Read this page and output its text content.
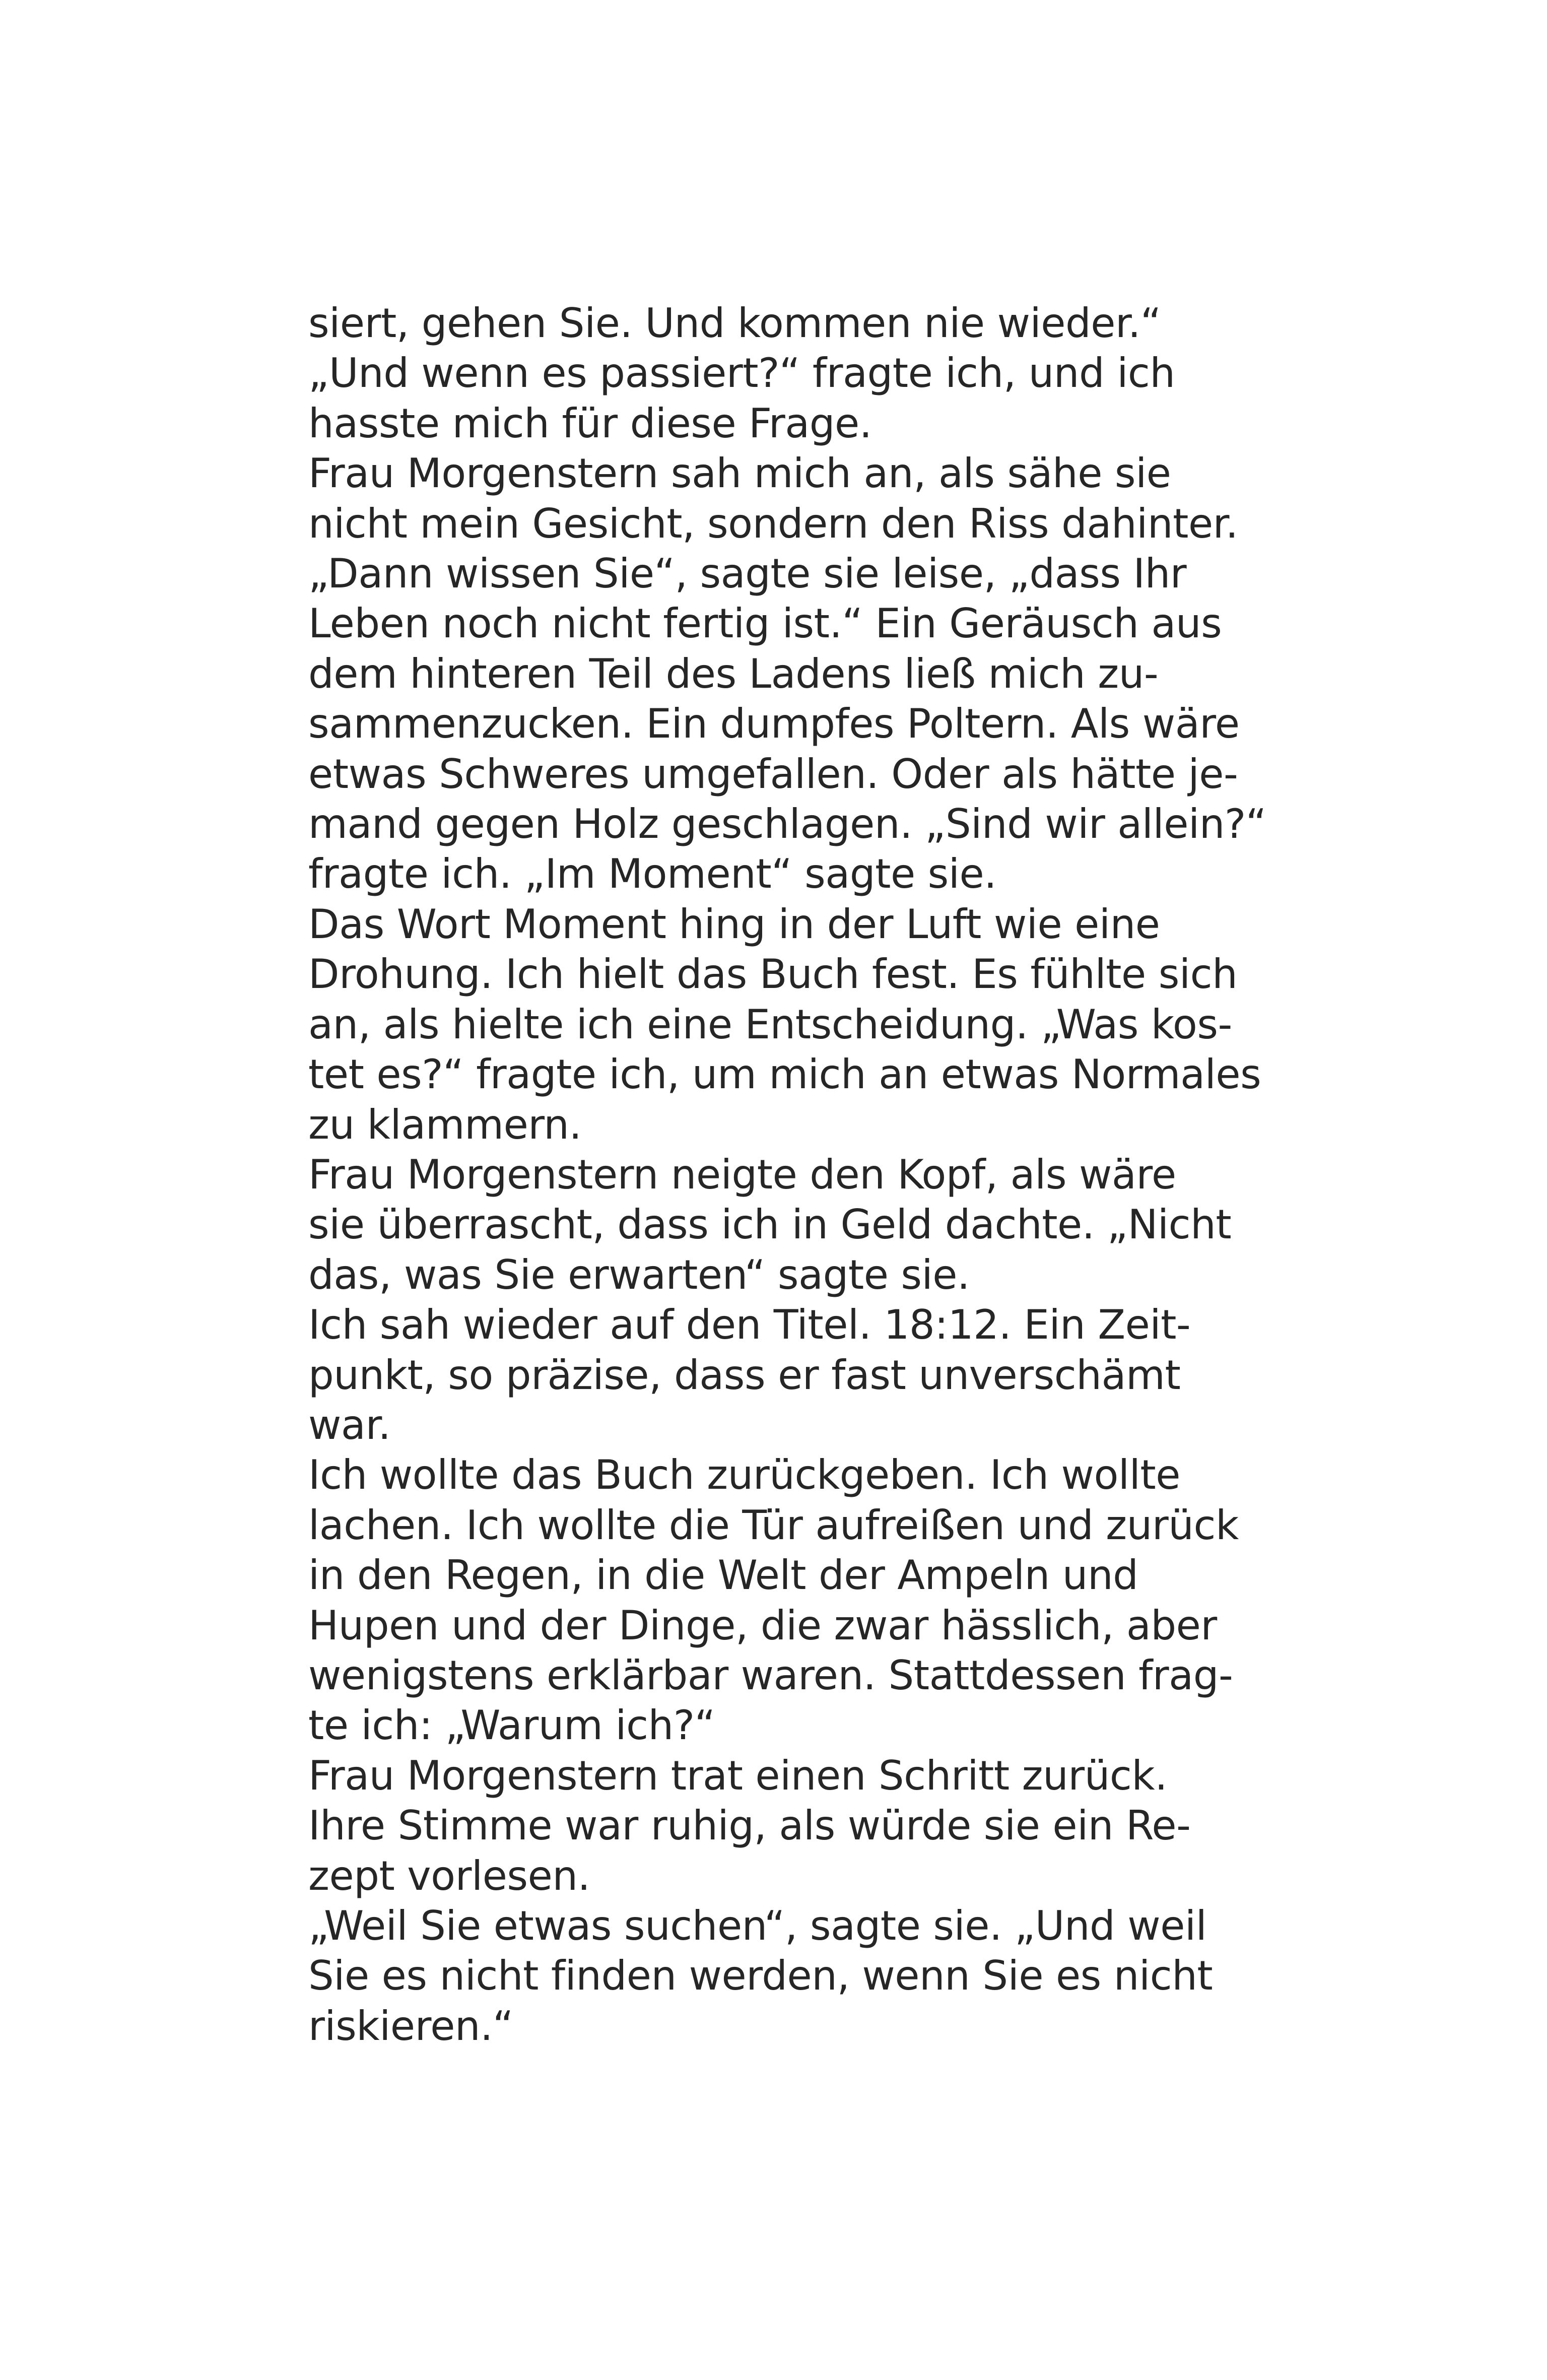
siert, gehen Sie. Und kommen nie wieder.“
„Und wenn es passiert?“ fragte ich, und ich
hasste mich für diese Frage.
Frau Morgenstern sah mich an, als sähe sie
nicht mein Gesicht, sondern den Riss dahinter.
„Dann wissen Sie“, sagte sie leise, „dass Ihr
Leben noch nicht fertig ist.“ Ein Geräusch aus
dem hinteren Teil des Ladens ließ mich zu-
sammenzucken. Ein dumpfes Poltern. Als wäre
etwas Schweres umgefallen. Oder als hätte je-
mand gegen Holz geschlagen. „Sind wir allein?“
fragte ich. „Im Moment“ sagte sie.
Das Wort Moment hing in der Luft wie eine
Drohung. Ich hielt das Buch fest. Es fühlte sich
an, als hielte ich eine Entscheidung. „Was kos-
tet es?“ fragte ich, um mich an etwas Normales
zu klammern.
Frau Morgenstern neigte den Kopf, als wäre
sie überrascht, dass ich in Geld dachte. „Nicht
das, was Sie erwarten“ sagte sie.
Ich sah wieder auf den Titel. 18:12. Ein Zeit-
punkt, so präzise, dass er fast unverschämt
war.
Ich wollte das Buch zurückgeben. Ich wollte
lachen. Ich wollte die Tür aufreißen und zurück
in den Regen, in die Welt der Ampeln und
Hupen und der Dinge, die zwar hässlich, aber
wenigstens erklärbar waren. Stattdessen frag-
te ich: „Warum ich?“
Frau Morgenstern trat einen Schritt zurück.
Ihre Stimme war ruhig, als würde sie ein Re-
zept vorlesen.
„Weil Sie etwas suchen“, sagte sie. „Und weil
Sie es nicht finden werden, wenn Sie es nicht
riskieren.“
